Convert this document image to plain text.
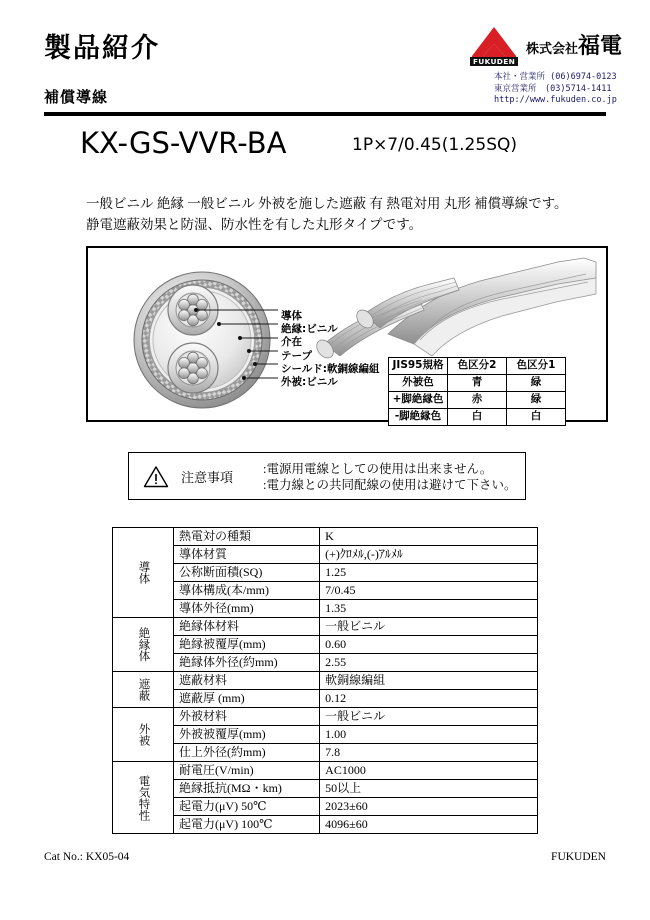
製品紹介
補償導線
FUKUDEN
株式会社福電
本社・営業所 (06)6974-0123
東京営業所　(03)5714-1411
http://www.fukuden.co.jp
KX-GS-VVR-BA	1P×7/0.45(1.25SQ)
一般ビニル 絶縁 一般ビニル 外被を施した遮蔽 有 熱電対用 丸形 補償導線です。
静電遮蔽効果と防湿、防水性を有した丸形タイプです。
導体
絶縁:ビニル
介在
テープ
シールド:軟銅線編組
外被:ビニル
JIS95規格	色区分2	色区分1
外被色	青	緑
+脚絶縁色	赤	緑
-脚絶縁色	白	白
注意事項
:電源用電線としての使用は出来ません。
:電力線との共同配線の使用は避けて下さい。
導体	熱電対の種類	K
	導体材質	(+)ｸﾛﾒﾙ,(-)ｱﾙﾒﾙ
	公称断面積(SQ)	1.25
	導体構成(本/mm)	7/0.45
	導体外径(mm)	1.35

絶縁体	絶縁体材料	一般ビニル
	絶縁被覆厚(mm)	0.60
	絶縁体外径(約mm)	2.55

遮蔽	遮蔽材料	軟銅線編組
	遮蔽厚 (mm)	0.12

外被	外被材料	一般ビニル
	外被被覆厚(mm)	1.00
	仕上外径(約mm)	7.8

電気特性	耐電圧(V/min)	AC1000
	絶縁抵抗(MΩ・km)	50以上
	起電力(μV) 50℃	2023±60
	起電力(μV) 100℃	4096±60
Cat No.: KX05-04	FUKUDEN
